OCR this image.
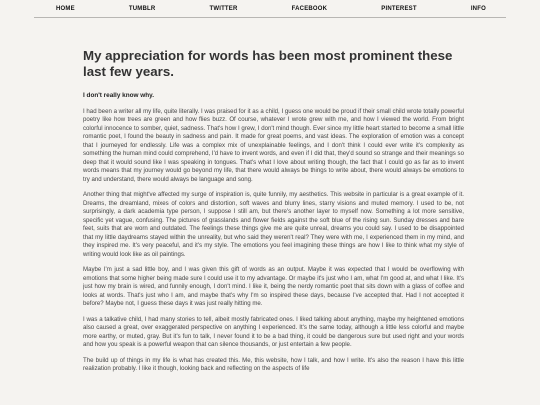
HOME	TUMBLR	TWITTER	FACEBOOK	PINTEREST	INFO
My appreciation for words has been most prominent these last few years.
I don't really know why.

I had been a writer all my life, quite literally. I was praised for it as a child, I guess one would be proud if their small child wrote totally powerful poetry like how trees are green and how flies buzz. Of course, whatever I wrote grew with me, and how I viewed the world. From bright colorful innocence to somber, quiet, sadness. That's how I grew, I don't mind though. Ever since my little heart started to become a small little romantic poet, I found the beauty in sadness and pain. It made for great poems, and vast ideas. The exploration of emotion was a concept that I journeyed for endlessly. Life was a complex mix of unexplainable feelings, and I don't think I could ever write it's complexity as something the human mind could comprehend, I'd have to invent words, and even if I did that, they'd sound so strange and their meanings so deep that it would sound like I was speaking in tongues. That's what I love about writing though, the fact that I could go as far as to invent words means that my journey would go beyond my life, that there would always be things to write about, there would always be emotions to try and understand, there would always be language and song.

Another thing that might've affected my surge of inspiration is, quite funnily, my aesthetics. This website in particular is a great example of it. Dreams, the dreamland, mixes of colors and distortion, soft waves and blurry lines, starry visions and muted memory. I used to be, not surprisingly, a dark academia type person, I suppose I still am, but there's another layer to myself now. Something a lot more sensitive, specific yet vague, confusing. The pictures of grasslands and flower fields against the soft blue of the rising sun. Sunday dresses and bare feet, suits that are worn and outdated. The feelings these things give me are quite unreal, dreams you could say. I used to be disappointed that my little daydreams stayed within the unreality, but who said they weren't real? They were with me, I experienced them in my mind, and they inspired me. It's very peaceful, and it's my style. The emotions you feel imagining these things are how I like to think what my style of writing would look like as oil paintings.

Maybe I'm just a sad little boy, and I was given this gift of words as an output. Maybe it was expected that I would be overflowing with emotions that some higher being made sure I could use it to my advantage. Or maybe it's just who I am, what I'm good at, and what I like. It's just how my brain is wired, and funnily enough, I don't mind. I like it, being the nerdy romantic poet that sits down with a glass of coffee and looks at words. That's just who I am, and maybe that's why I'm so inspired these days, because I've accepted that. Had I not accepted it before? Maybe not, I guess these days it was just really hitting me.

I was a talkative child, I had many stories to tell, albeit mostly fabricated ones. I liked talking about anything, maybe my heightened emotions also caused a great, over exaggerated perspective on anything I experienced. It's the same today, although a little less colorful and maybe more earthy, or muted, gray. But it's fun to talk, I never found it to be a bad thing, it could be dangerous sure but used right and your words and how you speak is a powerful weapon that can silence thousands, or just entertain a few people.

The build up of things in my life is what has created this. Me, this website, how I talk, and how I write. It's also the reason I have this little realization probably. I like it though, looking back and reflecting on the aspects of life
